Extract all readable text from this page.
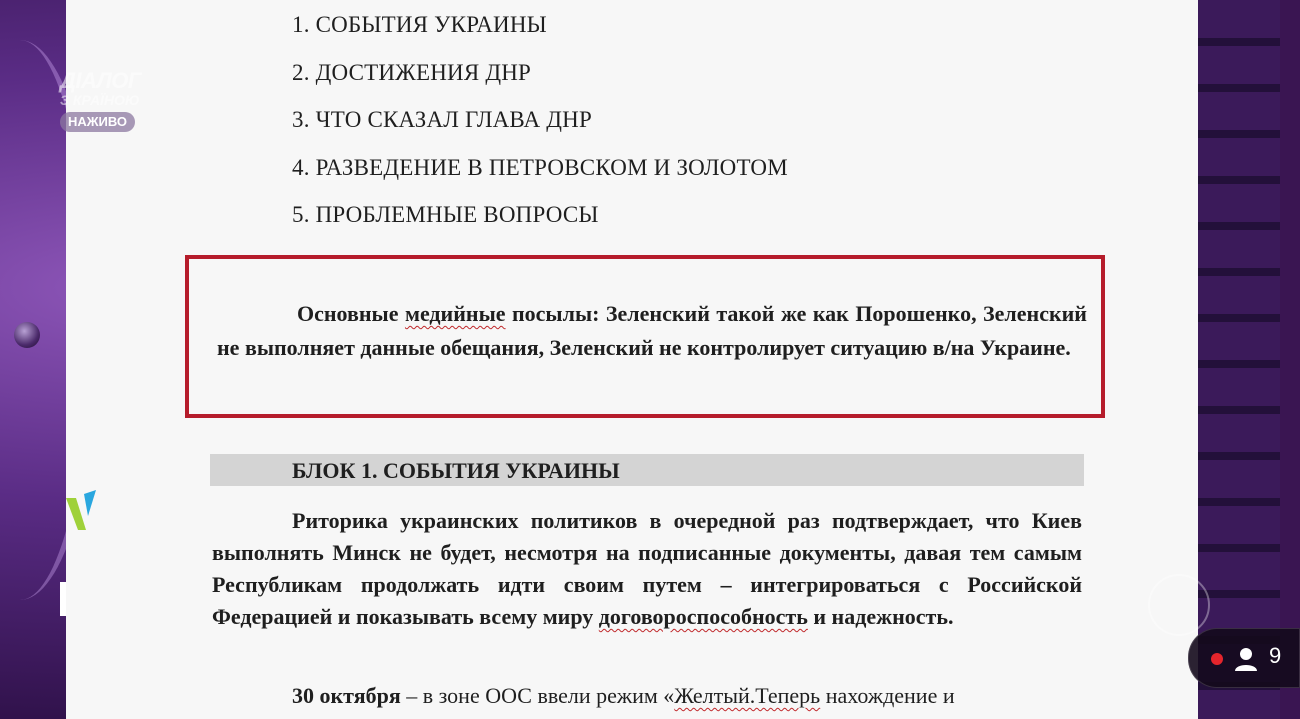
1. СОБЫТИЯ УКРАИНЫ
2. ДОСТИЖЕНИЯ ДНР
3. ЧТО СКАЗАЛ ГЛАВА ДНР
4. РАЗВЕДЕНИЕ В ПЕТРОВСКОМ И ЗОЛОТОМ
5. ПРОБЛЕМНЫЕ ВОПРОСЫ
Основные медийные посылы: Зеленский такой же как Порошенко, Зеленский не выполняет данные обещания, Зеленский не контролирует ситуацию в/на Украине.
БЛОК 1. СОБЫТИЯ УКРАИНЫ
Риторика украинских политиков в очередной раз подтверждает, что Киев выполнять Минск не будет, несмотря на подписанные документы, давая тем самым Республикам продолжать идти своим путем – интегрироваться с Российской Федерацией и показывать всему миру договороспособность и надежность.
30 октября – в зоне ООС ввели режим «Желтый.Теперь нахождение и
ДІАЛОГ
З КРАЇНОЮ
НАЖИВО
9
